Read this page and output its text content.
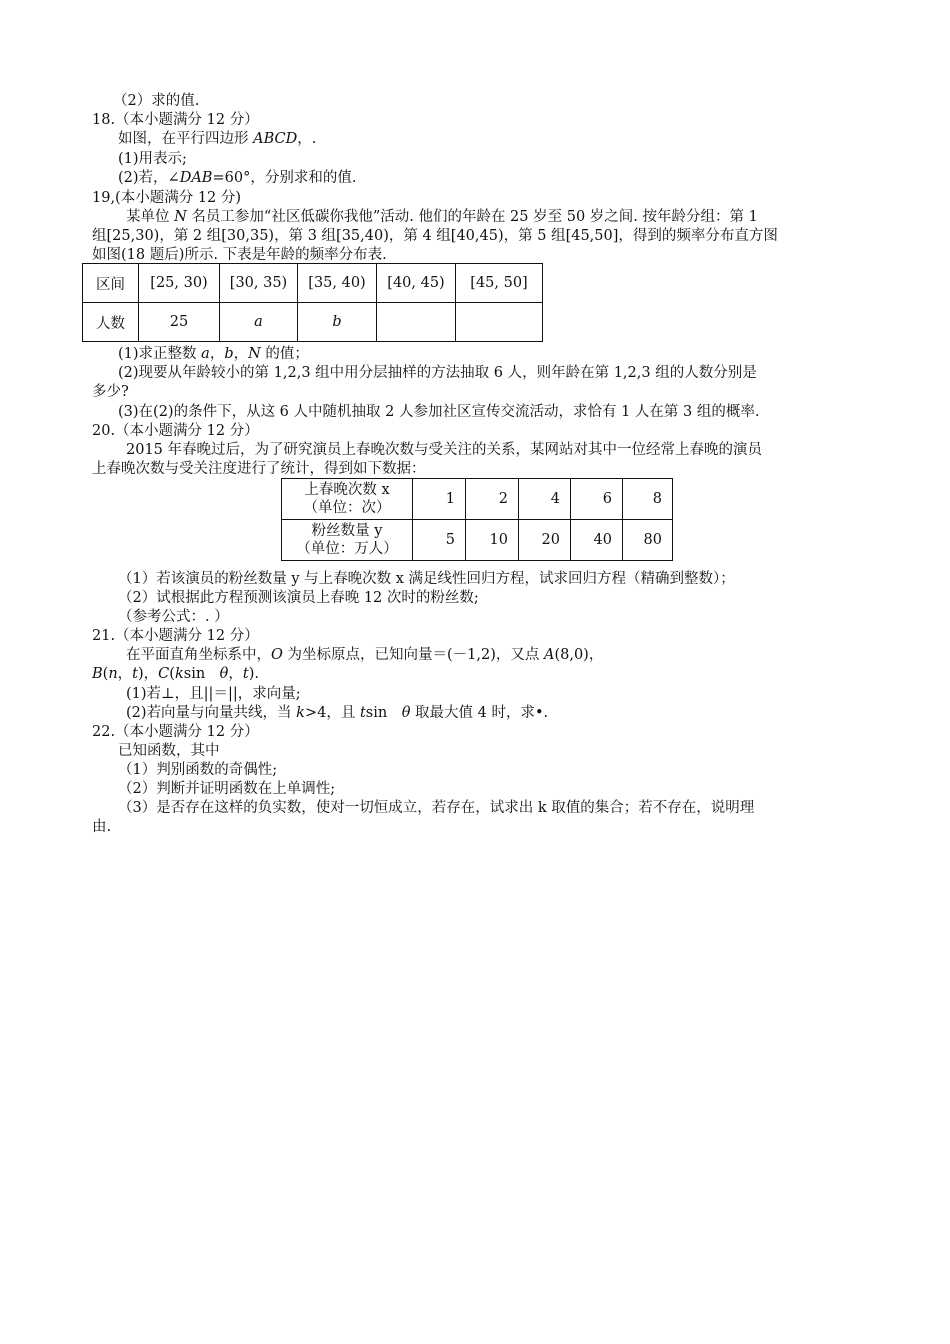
（2）求的值.
18.（本小题满分 12 分）
如图，在平行四边形 ABCD，.
(1)用表示;
(2)若，∠DAB=60°，分别求和的值.
19,(本小题满分 12 分)
某单位 N 名员工参加“社区低碳你我他”活动. 他们的年龄在 25 岁至 50 岁之间. 按年龄分组：第 1
组[25,30)，第 2 组[30,35)，第 3 组[35,40)，第 4 组[40,45)，第 5 组[45,50]，得到的频率分布直方图
如图(18 题后)所示. 下表是年龄的频率分布表.
区间	[25, 30)	[30, 35)	[35, 40)	[40, 45)	[45, 50]
人数	25	a	b		
(1)求正整数 a，b，N 的值；
(2)现要从年龄较小的第 1,2,3 组中用分层抽样的方法抽取 6 人，则年龄在第 1,2,3 组的人数分别是
多少?
(3)在(2)的条件下，从这 6 人中随机抽取 2 人参加社区宣传交流活动，求恰有 1 人在第 3 组的概率.
20.（本小题满分 12 分）
2015 年春晚过后，为了研究演员上春晚次数与受关注的关系，某网站对其中一位经常上春晚的演员
上春晚次数与受关注度进行了统计，得到如下数据：
上春晚次数 x
（单位：次）	1	2	4	6	8

粉丝数量 y
（单位：万人）	5	10	20	40	80
（1）若该演员的粉丝数量 y 与上春晚次数 x 满足线性回归方程，试求回归方程（精确到整数）；
（2）试根据此方程预测该演员上春晚 12 次时的粉丝数;
（参考公式：. ）
21.（本小题满分 12 分）
在平面直角坐标系中，O 为坐标原点，已知向量＝(－1,2)，又点 A(8,0)，
B(n，t)，C(ksin　θ，t).
(1)若⊥，且||＝||，求向量;
(2)若向量与向量共线，当 k>4，且 tsin　θ 取最大值 4 时，求•.
22.（本小题满分 12 分）
已知函数，其中
（1）判别函数的奇偶性;
（2）判断并证明函数在上单调性;
（3）是否存在这样的负实数，使对一切恒成立，若存在，试求出 k 取值的集合；若不存在，说明理
由.
